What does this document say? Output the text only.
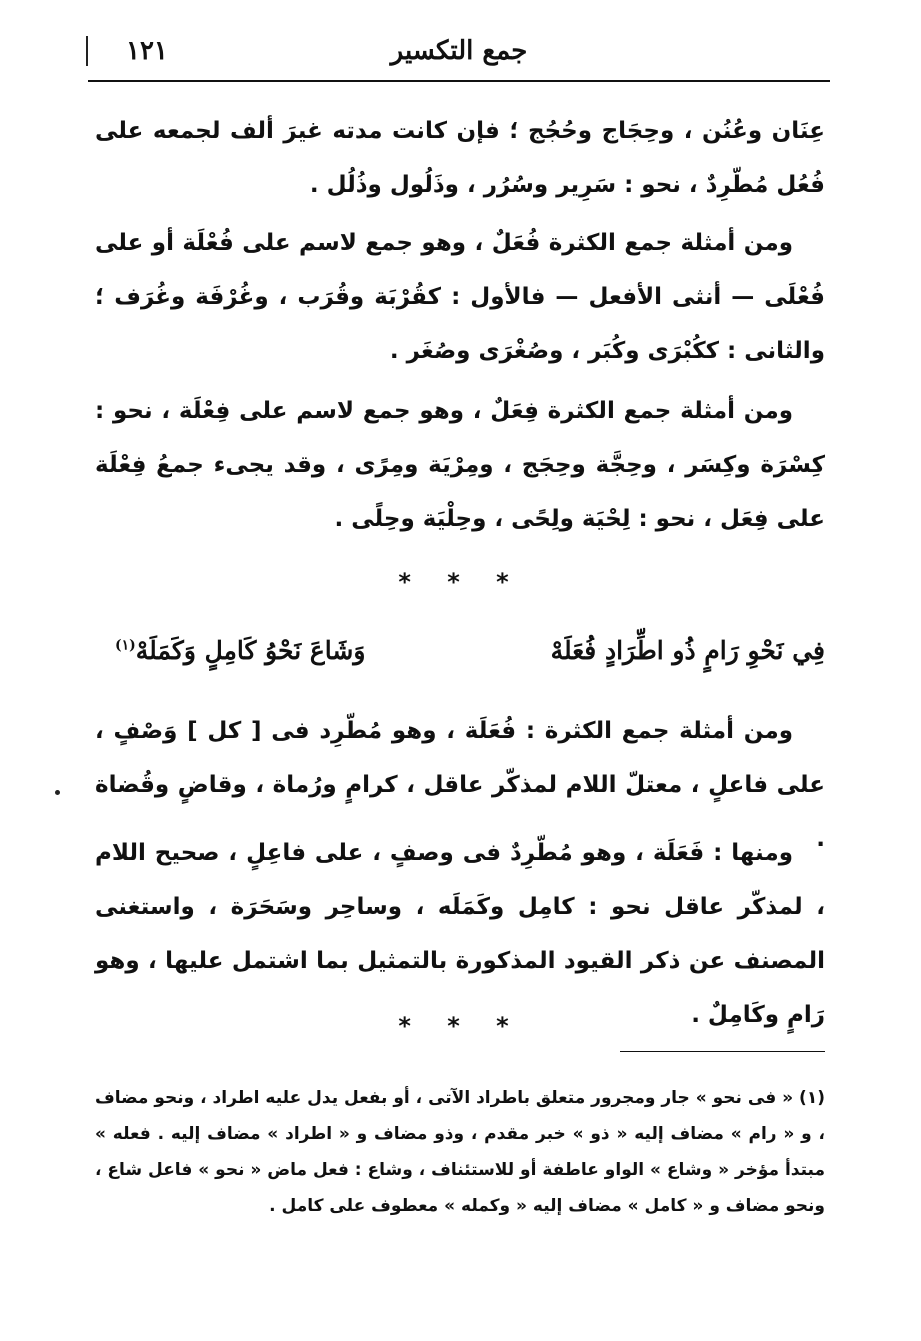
١٢١	جمع التكسير
عِنَان وعُنُن ، وحِجَاج وحُجُج ؛ فإن كانت مدته غيرَ ألف لجمعه على فُعُل مُطّرِدٌ ، نحو : سَرِير وسُرُر ، وذَلُول وذُلُل .
ومن أمثلة جمع الكثرة فُعَلٌ ، وهو جمع لاسم على فُعْلَة أو على فُعْلَى — أنثى الأفعل — فالأول : كقُرْبَة وقُرَب ، وغُرْفَة وغُرَف ؛ والثانى : ككُبْرَى وكُبَر ، وصُغْرَى وصُغَر .
ومن أمثلة جمع الكثرة فِعَلٌ ، وهو جمع لاسم على فِعْلَة ، نحو : كِسْرَة وكِسَر ، وحِجَّة وحِجَج ، ومِرْيَة ومِرًى ، وقد يجىء جمعُ فِعْلَة على فِعَل ، نحو : لِحْيَة ولِحًى ، وحِلْيَة وحِلًى .
* * *
فِي نَحْوِ رَامٍ ذُو اطِّرَادٍ فُعَلَهْ
وَشَاعَ نَحْوُ كَامِلٍ وَكَمَلَهْ$^{(١)}$
ومن أمثلة جمع الكثرة : فُعَلَة ، وهو مُطّرِد فى [ كل ] وَصْفٍ ، على فاعلٍ ، معتلّ اللام لمذكّر عاقل ، كرامٍ ورُماة ، وقاضٍ وقُضاة .
ومنها : فَعَلَة ، وهو مُطّرِدٌ فى وصفٍ ، على فاعِلٍ ، صحيح اللام ، لمذكّر عاقل نحو : كامِل وكَمَلَه ، وساحِر وسَحَرَة ، واستغنى المصنف عن ذكر القيود المذكورة بالتمثيل بما اشتمل عليها ، وهو رَامٍ وكَامِلٌ .
* * *
(١) « فى نحو » جار ومجرور متعلق باطراد الآتى ، أو بفعل يدل عليه اطراد ، ونحو مضاف ، و « رام » مضاف إليه « ذو » خبر مقدم ، وذو مضاف و « اطراد » مضاف إليه . فعله » مبتدأ مؤخر « وشاع » الواو عاطفة أو للاستئناف ، وشاع : فعل ماض « نحو » فاعل شاع ، ونحو مضاف و « كامل » مضاف إليه « وكمله » معطوف على كامل .
